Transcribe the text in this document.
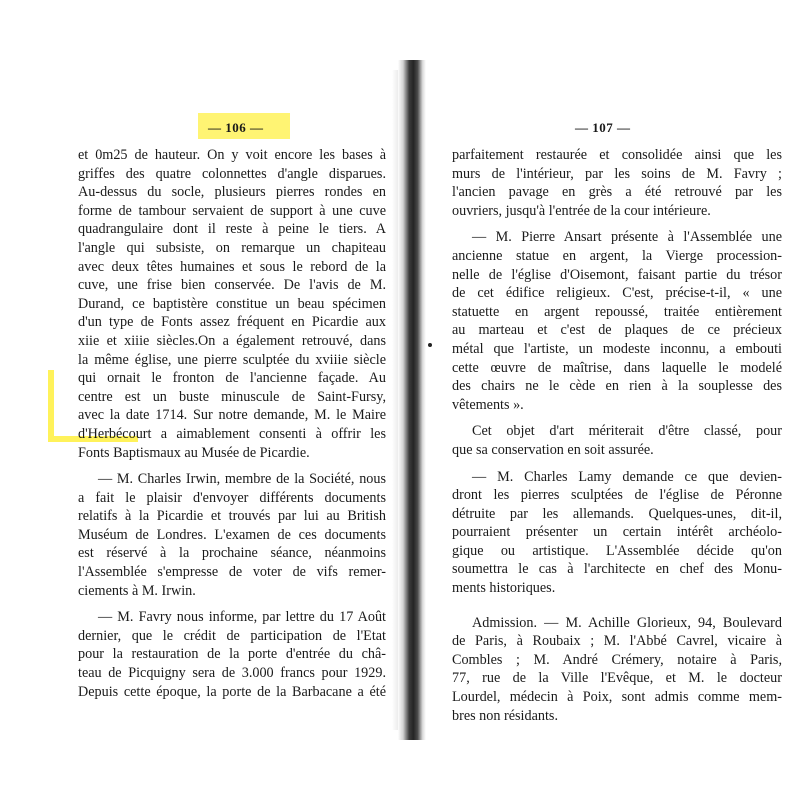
— 106 —
et 0m25 de hauteur. On y voit encore les bases à
griffes des quatre colonnettes d'angle disparues.
Au-dessus du socle, plusieurs pierres rondes en
forme de tambour servaient de support à une cuve
quadrangulaire dont il reste à peine le tiers. A
l'angle qui subsiste, on remarque un chapiteau
avec deux têtes humaines et sous le rebord de la
cuve, une frise bien conservée. De l'avis de M.
Durand, ce baptistère constitue un beau spécimen
d'un type de Fonts assez fréquent en Picardie aux
xiie et xiiie siècles.On a également retrouvé, dans
la même église, une pierre sculptée du xviiie siècle
qui ornait le fronton de l'ancienne façade. Au
centre est un buste minuscule de Saint-Fursy,
avec la date 1714. Sur notre demande, M. le Maire
d'Herbécourt a aimablement consenti à offrir les
Fonts Baptismaux au Musée de Picardie.
— M. Charles Irwin, membre de la Société, nous
a fait le plaisir d'envoyer différents documents
relatifs à la Picardie et trouvés par lui au British
Muséum de Londres. L'examen de ces documents
est réservé à la prochaine séance, néanmoins
l'Assemblée s'empresse de voter de vifs remer-
ciements à M. Irwin.
— M. Favry nous informe, par lettre du 17 Août
dernier, que le crédit de participation de l'Etat
pour la restauration de la porte d'entrée du châ-
teau de Picquigny sera de 3.000 francs pour 1929.
Depuis cette époque, la porte de la Barbacane a été
— 107 —
parfaitement restaurée et consolidée ainsi que les
murs de l'intérieur, par les soins de M. Favry ;
l'ancien pavage en grès a été retrouvé par les
ouvriers, jusqu'à l'entrée de la cour intérieure.
— M. Pierre Ansart présente à l'Assemblée une
ancienne statue en argent, la Vierge procession-
nelle de l'église d'Oisemont, faisant partie du trésor
de cet édifice religieux. C'est, précise-t-il, « une
statuette en argent repoussé, traitée entièrement
au marteau et c'est de plaques de ce précieux
métal que l'artiste, un modeste inconnu, a embouti
cette œuvre de maîtrise, dans laquelle le modelé
des chairs ne le cède en rien à la souplesse des
vêtements ».
Cet objet d'art mériterait d'être classé, pour
que sa conservation en soit assurée.
— M. Charles Lamy demande ce que devien-
dront les pierres sculptées de l'église de Péronne
détruite par les allemands. Quelques-unes, dit-il,
pourraient présenter un certain intérêt archéolo-
gique ou artistique. L'Assemblée décide qu'on
soumettra le cas à l'architecte en chef des Monu-
ments historiques.
Admission. — M. Achille Glorieux, 94, Boulevard
de Paris, à Roubaix ; M. l'Abbé Cavrel, vicaire à
Combles ; M. André Crémery, notaire à Paris,
77, rue de la Ville l'Evêque, et M. le docteur
Lourdel, médecin à Poix, sont admis comme mem-
bres non résidants.
